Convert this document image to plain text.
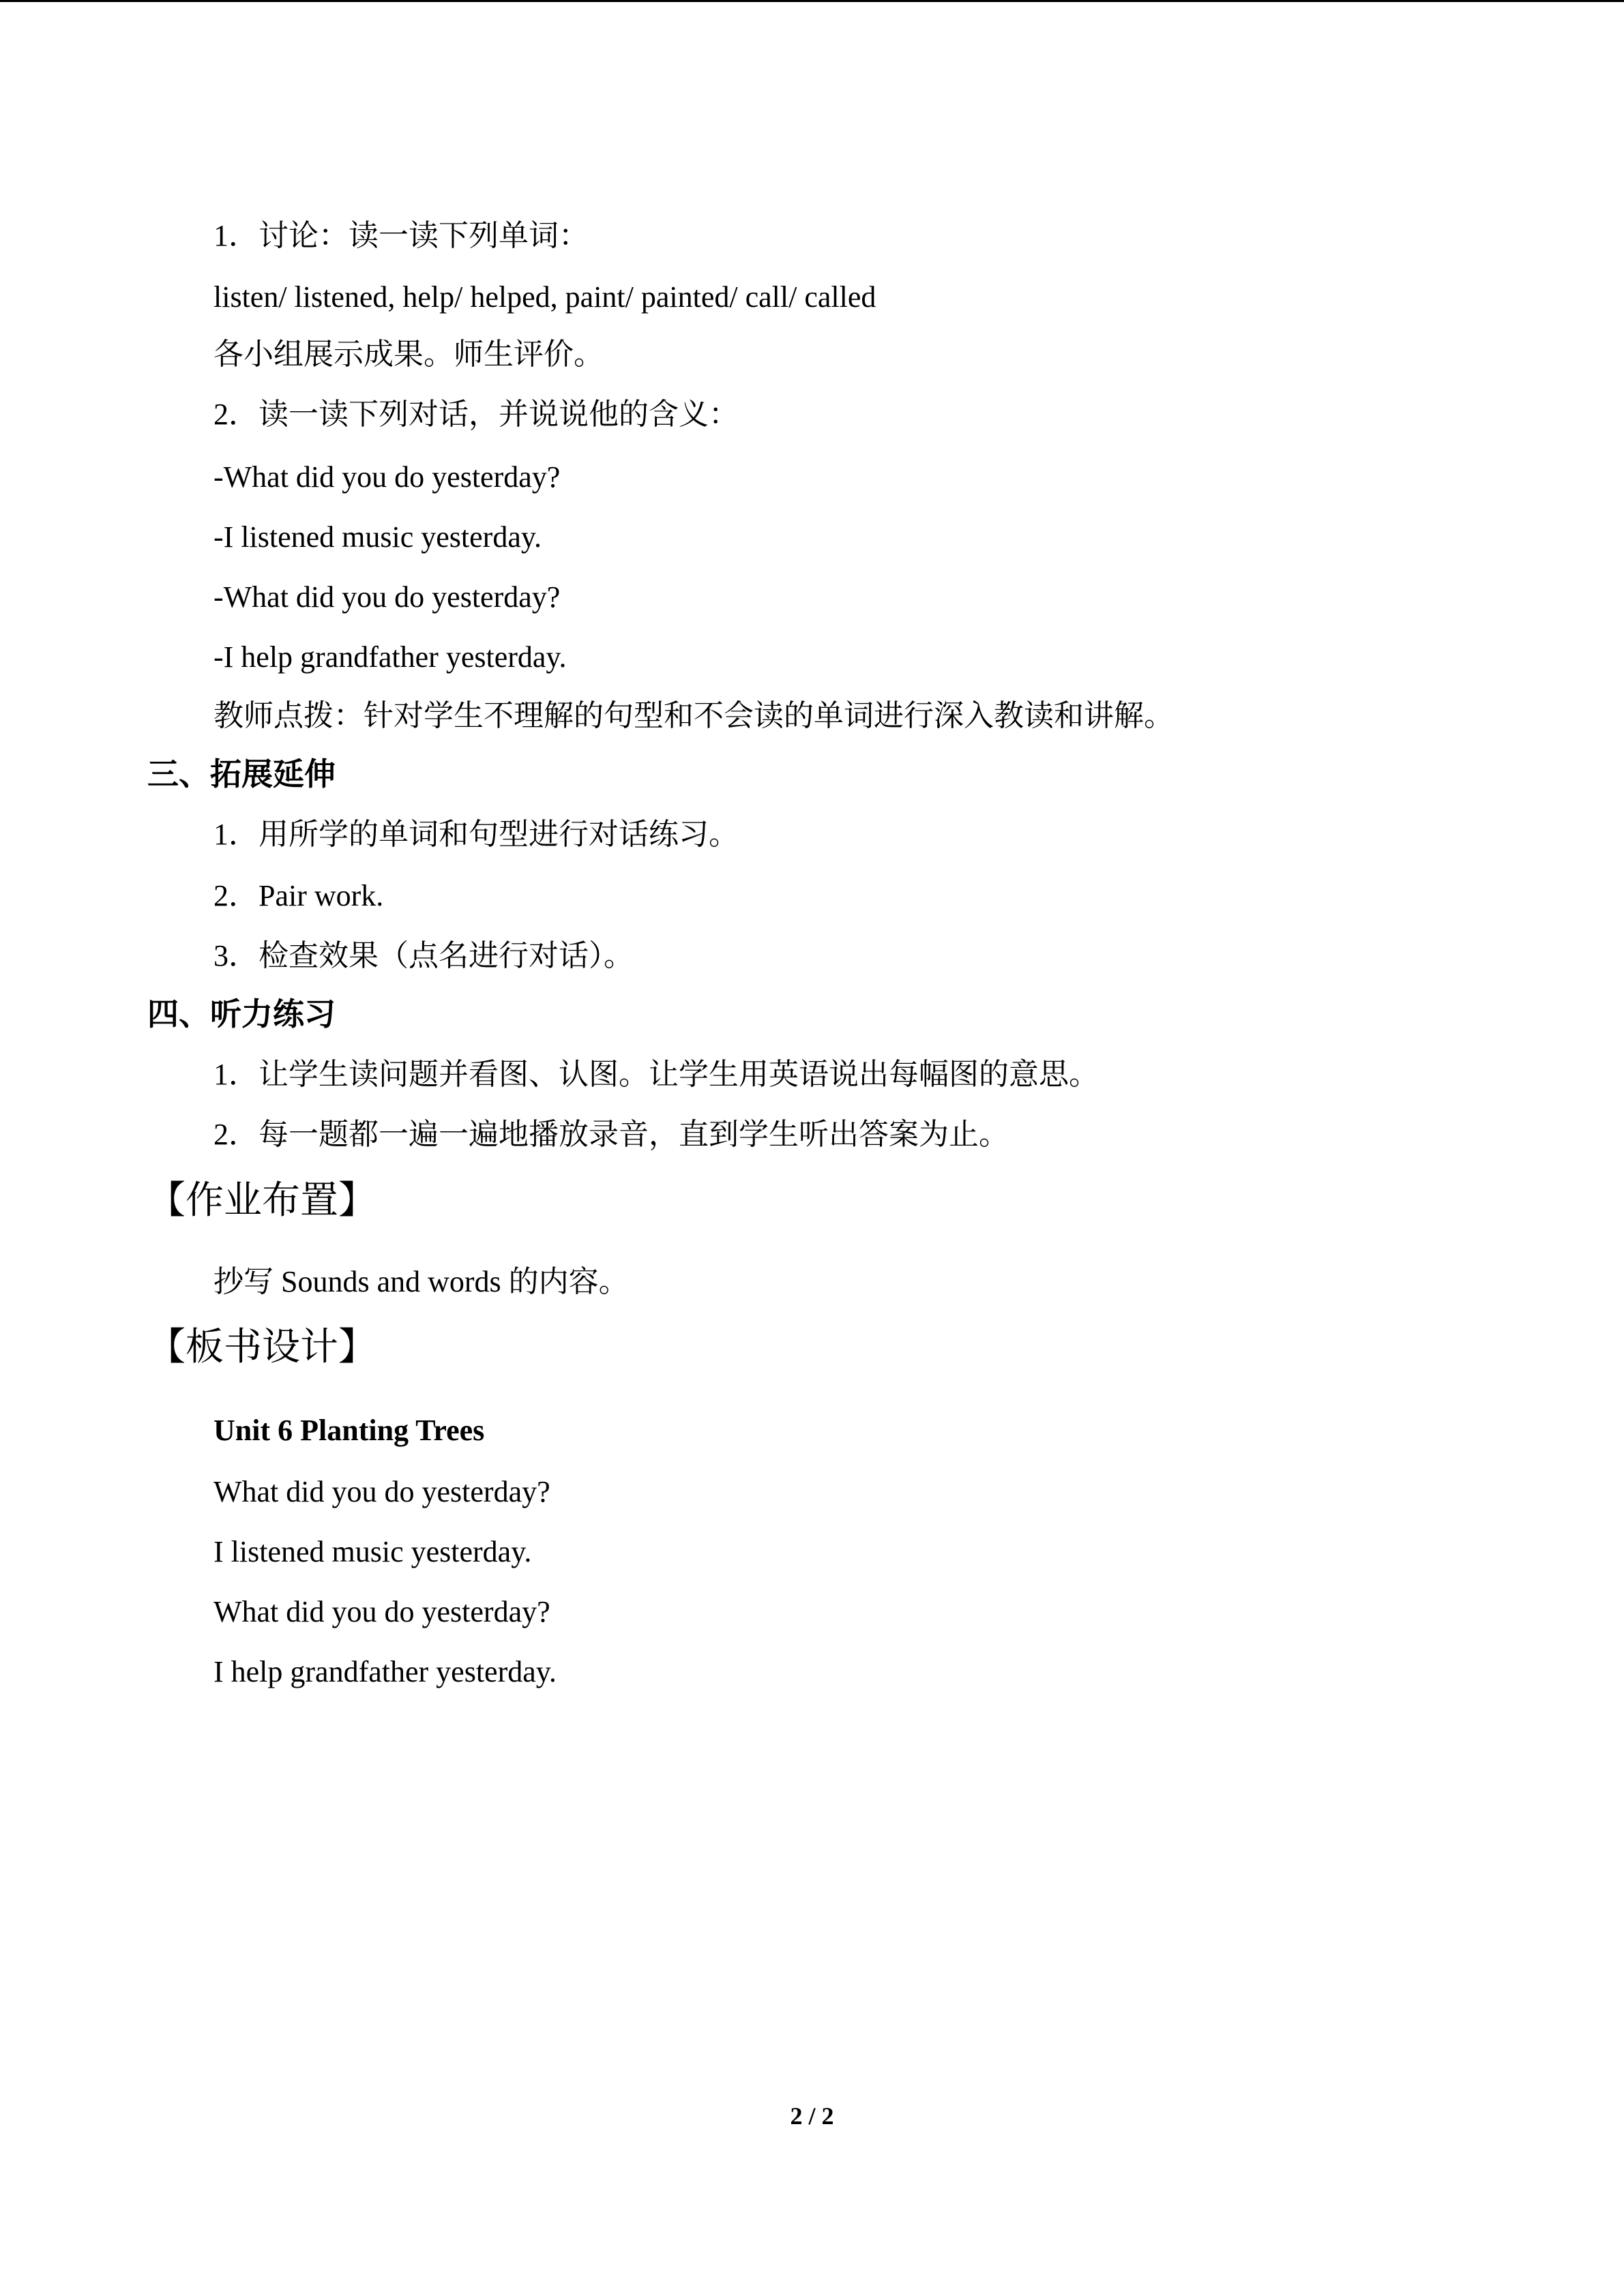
1．讨论：读一读下列单词：
listen/ listened, help/ helped, paint/ painted/ call/ called
各小组展示成果。师生评价。
2．读一读下列对话，并说说他的含义：
-What did you do yesterday?
-I listened music yesterday.
-What did you do yesterday?
-I help grandfather yesterday.
教师点拨：针对学生不理解的句型和不会读的单词进行深入教读和讲解。
三、拓展延伸
1．用所学的单词和句型进行对话练习。
2．Pair work.
3．检查效果（点名进行对话）。
四、听力练习
1．让学生读问题并看图、认图。让学生用英语说出每幅图的意思。
2．每一题都一遍一遍地播放录音，直到学生听出答案为止。
【作业布置】
抄写 Sounds and words 的内容。
【板书设计】
Unit 6 Planting Trees
What did you do yesterday?
I listened music yesterday.
What did you do yesterday?
I help grandfather yesterday.
2 / 2
